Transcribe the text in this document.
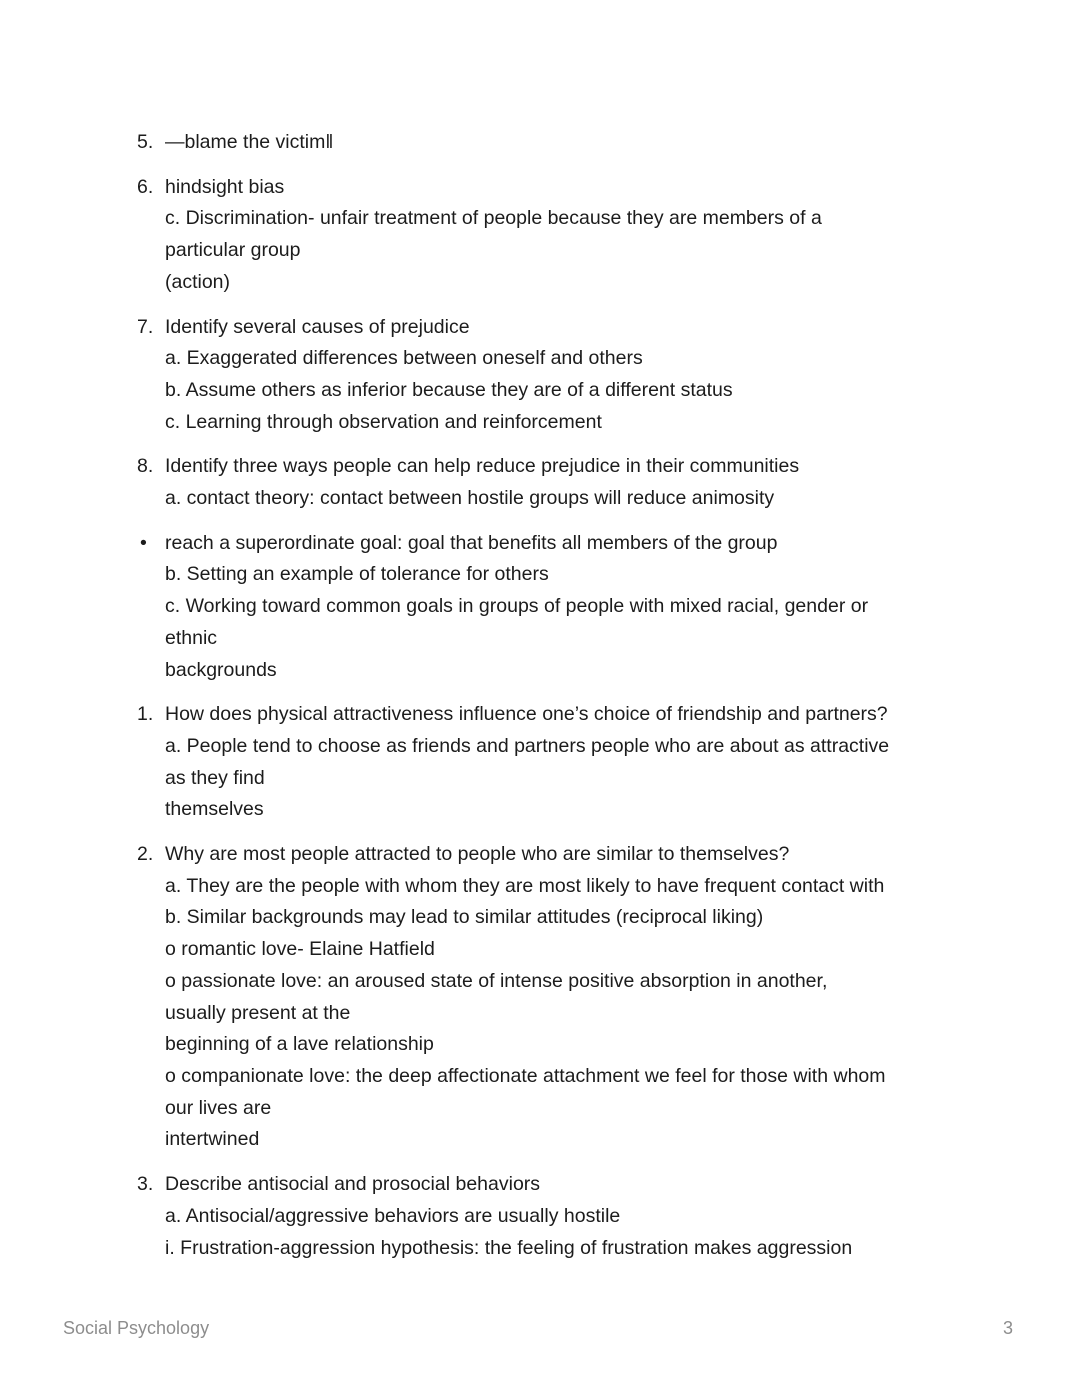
5. —blame the victim‖
6. hindsight bias
c. Discrimination- unfair treatment of people because they are members of a
particular group
(action)
7. Identify several causes of prejudice
a. Exaggerated differences between oneself and others
b. Assume others as inferior because they are of a different status
c. Learning through observation and reinforcement
8. Identify three ways people can help reduce prejudice in their communities
a. contact theory: contact between hostile groups will reduce animosity
• reach a superordinate goal: goal that benefits all members of the group
b. Setting an example of tolerance for others
c. Working toward common goals in groups of people with mixed racial, gender or
ethnic
backgrounds
1. How does physical attractiveness influence one’s choice of friendship and partners?
a. People tend to choose as friends and partners people who are about as attractive
as they find
themselves
2. Why are most people attracted to people who are similar to themselves?
a. They are the people with whom they are most likely to have frequent contact with
b. Similar backgrounds may lead to similar attitudes (reciprocal liking)
o romantic love- Elaine Hatfield
o passionate love: an aroused state of intense positive absorption in another,
usually present at the
beginning of a lave relationship
o companionate love: the deep affectionate attachment we feel for those with whom
our lives are
intertwined
3. Describe antisocial and prosocial behaviors
a. Antisocial/aggressive behaviors are usually hostile
i. Frustration-aggression hypothesis: the feeling of frustration makes aggression
Social Psychology	3
